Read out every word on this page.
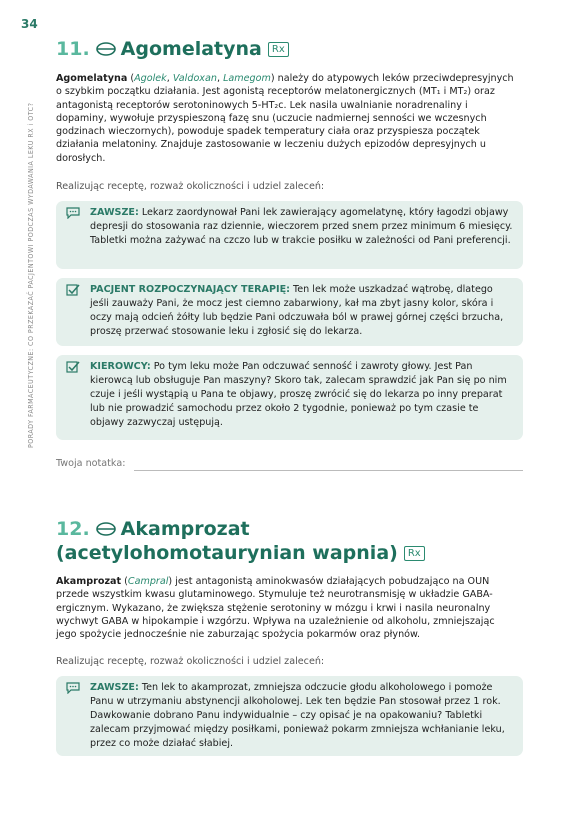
34
PORADY FARMACEUTYCZNE: CO PRZEKAZAĆ PACJENTOWI PODCZAS WYDAWANIA LEKU RX i OTC?
11. Agomelatyna	Rx
Agomelatyna (Agolek, Valdoxan, Lamegom) należy do atypowych leków przeciwdepresyjnych o szybkim początku działania. Jest agonistą receptorów melatonergicznych (MT₁ i MT₂) oraz antagonistą receptorów serotoninowych 5-HT₂c. Lek nasila uwalnianie noradrenaliny i dopaminy, wywołuje przyspieszoną fazę snu (uczucie nadmiernej senności we wczesnych godzinach wieczornych), powoduje spadek temperatury ciała oraz przyspiesza początek działania melatoniny. Znajduje zastosowanie w leczeniu dużych epizodów depresyjnych u dorosłych.
Realizując receptę, rozważ okoliczności i udziel zaleceń:
ZAWSZE: Lekarz zaordynował Pani lek zawierający agomelatynę, który łagodzi objawy depresji do stosowania raz dziennie, wieczorem przed snem przez minimum 6 miesięcy. Tabletki można zażywać na czczo lub w trakcie posiłku w zależności od Pani preferencji.
PACJENT ROZPOCZYNAJĄCY TERAPIĘ: Ten lek może uszkadzać wątrobę, dlatego jeśli zauważy Pani, że mocz jest ciemno zabarwiony, kał ma zbyt jasny kolor, skóra i oczy mają odcień żółty lub będzie Pani odczuwała ból w prawej górnej części brzucha, proszę przerwać stosowanie leku i zgłosić się do lekarza.
KIEROWCY: Po tym leku może Pan odczuwać senność i zawroty głowy. Jest Pan kierowcą lub obsługuje Pan maszyny? Skoro tak, zalecam sprawdzić jak Pan się po nim czuje i jeśli wystąpią u Pana te objawy, proszę zwrócić się do lekarza po inny preparat lub nie prowadzić samochodu przez około 2 tygodnie, ponieważ po tym czasie te objawy zazwyczaj ustępują.
Twoja notatka:
12. Akamprozat
(acetylohomotaurynian wapnia)	Rx
Akamprozat (Campral) jest antagonistą aminokwasów działających pobudzająco na OUN przede wszystkim kwasu glutaminowego. Stymuluje też neurotransmisję w układzie GABA-ergicznym. Wykazano, że zwiększa stężenie serotoniny w mózgu i krwi i nasila neuronalny wychwyt GABA w hipokampie i wzgórzu. Wpływa na uzależnienie od alkoholu, zmniejszając jego spożycie jednocześnie nie zaburzając spożycia pokarmów oraz płynów.
Realizując receptę, rozważ okoliczności i udziel zaleceń:
ZAWSZE: Ten lek to akamprozat, zmniejsza odczucie głodu alkoholowego i pomoże Panu w utrzymaniu abstynencji alkoholowej. Lek ten będzie Pan stosował przez 1 rok. Dawkowanie dobrano Panu indywidualnie – czy opisać je na opakowaniu? Tabletki zalecam przyjmować między posiłkami, ponieważ pokarm zmniejsza wchłanianie leku, przez co może działać słabiej.
